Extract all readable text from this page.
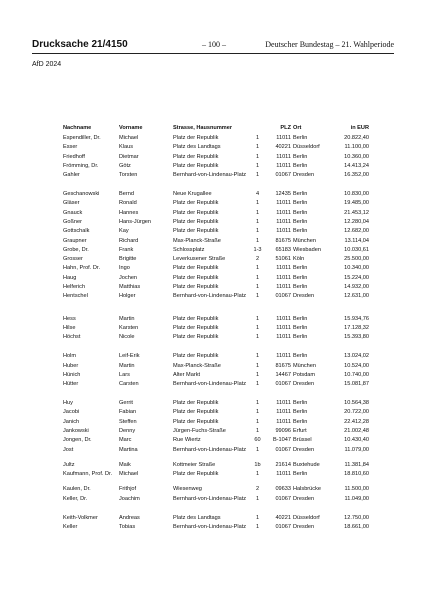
Drucksache 21/4150	– 100 –	Deutscher Bundestag – 21. Wahlperiode
AfD 2024
Nachname	Vorname	Strasse, Hausnummer	PLZ Ort	in EUR
Espendiller, Dr.	Michael	Platz der Republik	1	11011 Berlin	20.822,40
Esser	Klaus	Platz des Landtags	1	40221 Düsseldorf	11.100,00
Friedhoff	Dietmar	Platz der Republik	1	11011 Berlin	10.360,00
Frömming, Dr.	Götz	Platz der Republik	1	11011 Berlin	14.413,24
Gahler	Torsten	Bernhard-von-Lindenau-Platz	1	01067 Dresden	16.352,00
Geschanowski	Bernd	Neue Krugallee	4	12435 Berlin	10.830,00
Gläser	Ronald	Platz der Republik	1	11011 Berlin	19.485,00
Gnauck	Hannes	Platz der Republik	1	11011 Berlin	21.453,12
Goßner	Hans-Jürgen	Platz der Republik	1	11011 Berlin	12.280,04
Gottschalk	Kay	Platz der Republik	1	11011 Berlin	12.682,00
Graupner	Richard	Max-Planck-Straße	1	81675 München	13.114,04
Grobe, Dr.	Frank	Schlossplatz	1-3	65183 Wiesbaden	10.030,61
Grosser	Brigitte	Leverkusener Straße	2	51061 Köln	25.500,00
Hahn, Prof. Dr.	Ingo	Platz der Republik	1	11011 Berlin	10.340,00
Haug	Jochen	Platz der Republik	1	11011 Berlin	15.224,00
Helferich	Matthias	Platz der Republik	1	11011 Berlin	14.932,00
Hentschel	Holger	Bernhard-von-Lindenau-Platz	1	01067 Dresden	12.631,00
Hess	Martin	Platz der Republik	1	11011 Berlin	15.934,76
Hilse	Karsten	Platz der Republik	1	11011 Berlin	17.128,32
Höchst	Nicole	Platz der Republik	1	11011 Berlin	15.393,80
Holm	Leif-Erik	Platz der Republik	1	11011 Berlin	13.024,02
Huber	Martin	Max-Planck-Straße	1	81675 München	10.524,00
Hünich	Lars	Alter Markt	1	14467 Potsdam	10.740,00
Hütter	Carsten	Bernhard-von-Lindenau-Platz	1	01067 Dresden	15.081,87
Huy	Gerrit	Platz der Republik	1	11011 Berlin	10.564,38
Jacobi	Fabian	Platz der Republik	1	11011 Berlin	20.722,00
Janich	Steffen	Platz der Republik	1	11011 Berlin	22.412,28
Jankowski	Denny	Jürgen-Fuchs-Straße	1	99096 Erfurt	21.002,48
Jongen, Dr.	Marc	Rue Wiertz	60	B-1047 Brüssel	10.430,40
Jost	Martina	Bernhard-von-Lindenau-Platz	1	01067 Dresden	11.079,00
Jultz	Maik	Kottmeier Straße	1b	21614 Buxtehude	11.381,84
Kaufmann, Prof. Dr.	Michael	Platz der Republik	1	11011 Berlin	18.810,60
Kaulen, Dr.	Frithjof	Wiesenweg	2	09633 Halsbrücke	11.500,00
Keller, Dr.	Joachim	Bernhard-von-Lindenau-Platz	1	01067 Dresden	11.049,00
Keith-Volkmer	Andreas	Platz des Landtags	1	40221 Düsseldorf	12.750,00
Keller	Tobias	Bernhard-von-Lindenau-Platz	1	01067 Dresden	18.661,00
